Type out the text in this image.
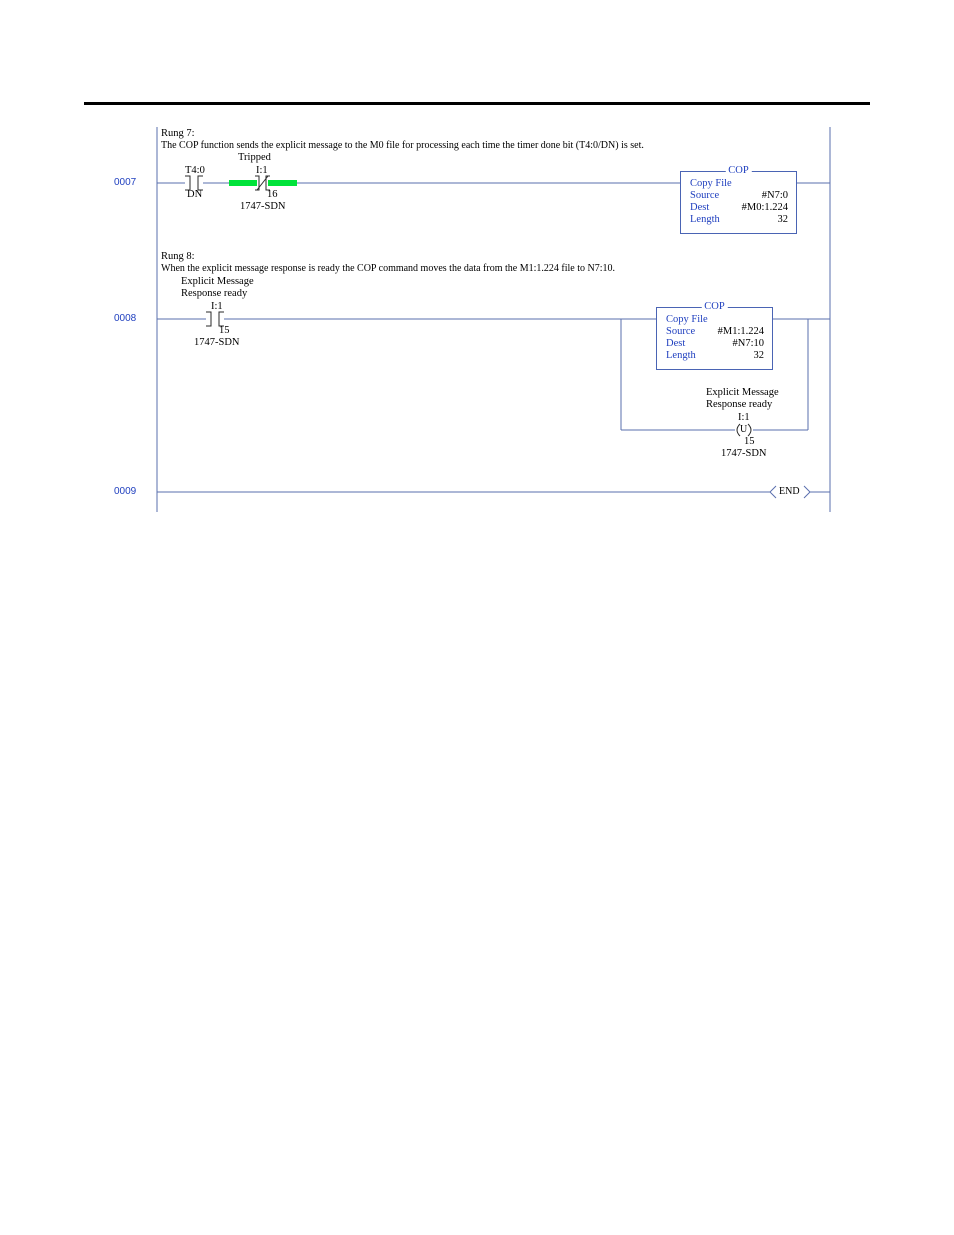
0007
Rung 7:
The COP function sends the explicit message to the M0 file for processing each time the timer done bit (T4:0/DN) is set.
T4:0
DN
Tripped
I:1
16
1747-SDN
COP
Copy File
Source
Dest
Length
#N7:0
#M0:1.224
32
0008
Rung 8:
When the explicit message response is ready the COP command moves the data from the M1:1.224 file to N7:10.
Explicit Message
Response ready
I:1
15
1747-SDN
COP
Copy File
Source
Dest
Length
#M1:1.224
#N7:10
32
Explicit Message
Response ready
I:1
U
15
1747-SDN
0009	END
